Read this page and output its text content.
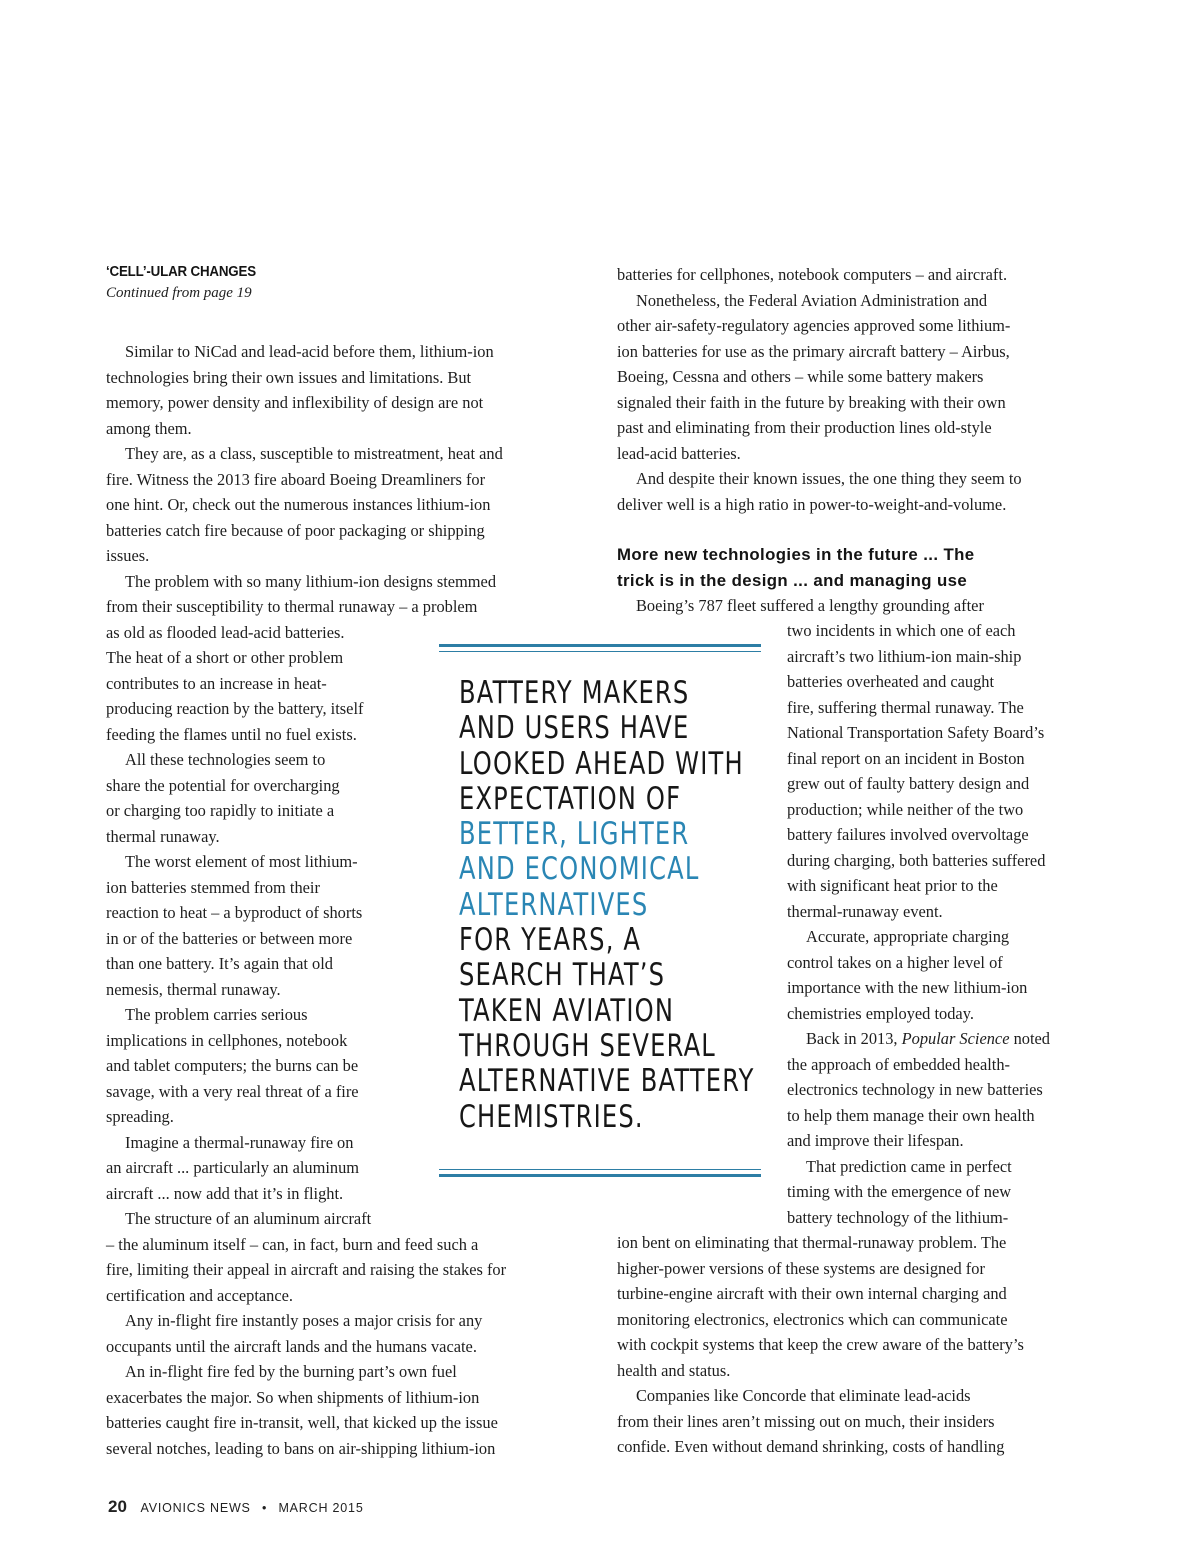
‘CELL’-ULAR CHANGES
Continued from page 19
Similar to NiCad and lead-acid before them, lithium-ion
technologies bring their own issues and limitations. But
memory, power density and inflexibility of design are not
among them.
They are, as a class, susceptible to mistreatment, heat and
fire. Witness the 2013 fire aboard Boeing Dreamliners for
one hint. Or, check out the numerous instances lithium-ion
batteries catch fire because of poor packaging or shipping
issues.
The problem with so many lithium-ion designs stemmed
from their susceptibility to thermal runaway – a problem
as old as flooded lead-acid batteries.
The heat of a short or other problem
contributes to an increase in heat-
producing reaction by the battery, itself
feeding the flames until no fuel exists.
All these technologies seem to
share the potential for overcharging
or charging too rapidly to initiate a
thermal runaway.
The worst element of most lithium-
ion batteries stemmed from their
reaction to heat – a byproduct of shorts
in or of the batteries or between more
than one battery. It’s again that old
nemesis, thermal runaway.
The problem carries serious
implications in cellphones, notebook
and tablet computers; the burns can be
savage, with a very real threat of a fire
spreading.
Imagine a thermal-runaway fire on
an aircraft ... particularly an aluminum
aircraft ... now add that it’s in flight.
The structure of an aluminum aircraft
– the aluminum itself – can, in fact, burn and feed such a
fire, limiting their appeal in aircraft and raising the stakes for
certification and acceptance.
Any in-flight fire instantly poses a major crisis for any
occupants until the aircraft lands and the humans vacate.
An in-flight fire fed by the burning part’s own fuel
exacerbates the major. So when shipments of lithium-ion
batteries caught fire in-transit, well, that kicked up the issue
several notches, leading to bans on air-shipping lithium-ion
batteries for cellphones, notebook computers – and aircraft.
Nonetheless, the Federal Aviation Administration and
other air-safety-regulatory agencies approved some lithium-
ion batteries for use as the primary aircraft battery – Airbus,
Boeing, Cessna and others – while some battery makers
signaled their faith in the future by breaking with their own
past and eliminating from their production lines old-style
lead-acid batteries.
And despite their known issues, the one thing they seem to
deliver well is a high ratio in power-to-weight-and-volume.
More new technologies in the future ... The
trick is in the design ... and managing use
Boeing’s 787 fleet suffered a lengthy grounding after
two incidents in which one of each
aircraft’s two lithium-ion main-ship
batteries overheated and caught
fire, suffering thermal runaway. The
National Transportation Safety Board’s
final report on an incident in Boston
grew out of faulty battery design and
production; while neither of the two
battery failures involved overvoltage
during charging, both batteries suffered
with significant heat prior to the
thermal-runaway event.
Accurate, appropriate charging
control takes on a higher level of
importance with the new lithium-ion
chemistries employed today.
Back in 2013, Popular Science noted
the approach of embedded health-
electronics technology in new batteries
to help them manage their own health
and improve their lifespan.
That prediction came in perfect
timing with the emergence of new
battery technology of the lithium-
ion bent on eliminating that thermal-runaway problem. The
higher-power versions of these systems are designed for
turbine-engine aircraft with their own internal charging and
monitoring electronics, electronics which can communicate
with cockpit systems that keep the crew aware of the battery’s
health and status.
Companies like Concorde that eliminate lead-acids
from their lines aren’t missing out on much, their insiders
confide. Even without demand shrinking, costs of handling
BATTERY MAKERS
AND USERS HAVE
LOOKED AHEAD WITH
EXPECTATION OF
BETTER, LIGHTER
AND ECONOMICAL
ALTERNATIVES
FOR YEARS, A
SEARCH THAT’S
TAKEN AVIATION
THROUGH SEVERAL
ALTERNATIVE BATTERY
CHEMISTRIES.
20 AVIONICS NEWS • MARCH 2015
